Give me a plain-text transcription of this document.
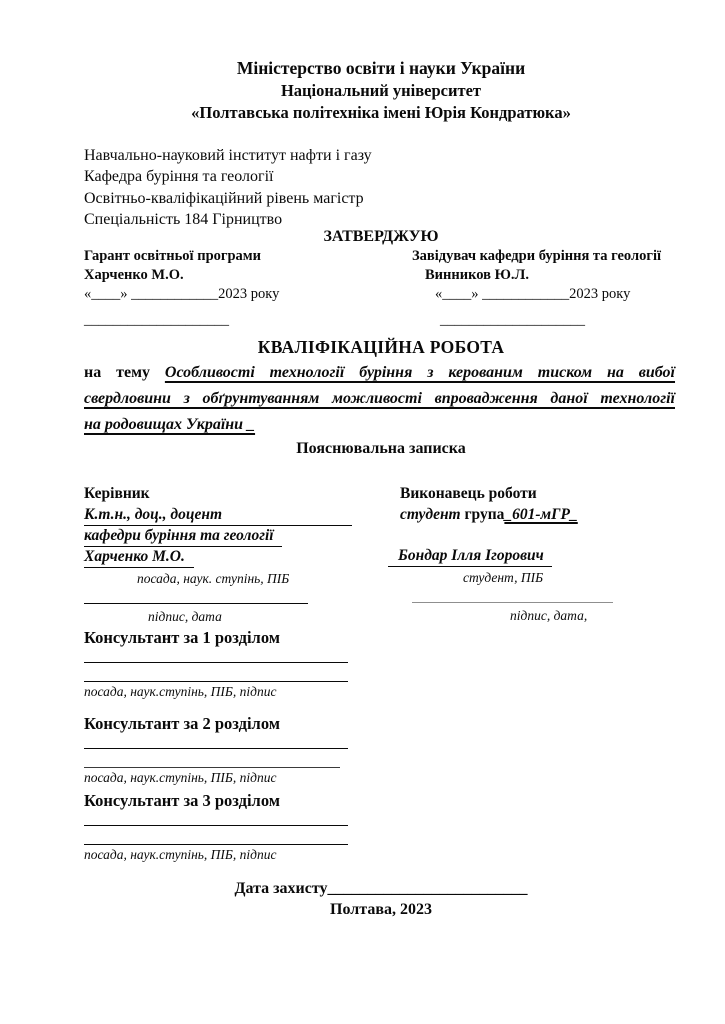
Міністерство освіти і науки України
Національний університет
«Полтавська політехніка імені Юрія Кондратюка»
Навчально-науковий інститут нафти і газу
Кафедра буріння та геології
Освітньо-кваліфікаційний рівень магістр
Спеціальність 184 Гірництво
ЗАТВЕРДЖУЮ
Гарант освітньої програми
Харченко М.О.
«____» ____________2023 року
____________________
Завідувач кафедри буріння та геології
Винников Ю.Л.
«____» ____________2023 року
____________________
КВАЛІФІКАЦІЙНА РОБОТА
на тему Особливості технології буріння з керованим тиском на вибої
свердловини з обґрунтуванням можливості впровадження даної технології
на родовищах України _
Пояснювальна записка
Керівник
К.т.н., доц., доцент
кафедри буріння та геології
Харченко М.О.
посада, наук. ступінь, ПІБ
підпис, дата
Виконавець роботи
студент група_601-мГР_
Бондар Ілля Ігорович
студент, ПІБ
підпис, дата,
Консультант за 1 розділом
посада, наук.ступінь, ПІБ, підпис
Консультант за 2 розділом
посада, наук.ступінь, ПІБ, підпис
Консультант за 3 розділом
посада, наук.ступінь, ПІБ, підпис
Дата захисту_________________________
Полтава, 2023
